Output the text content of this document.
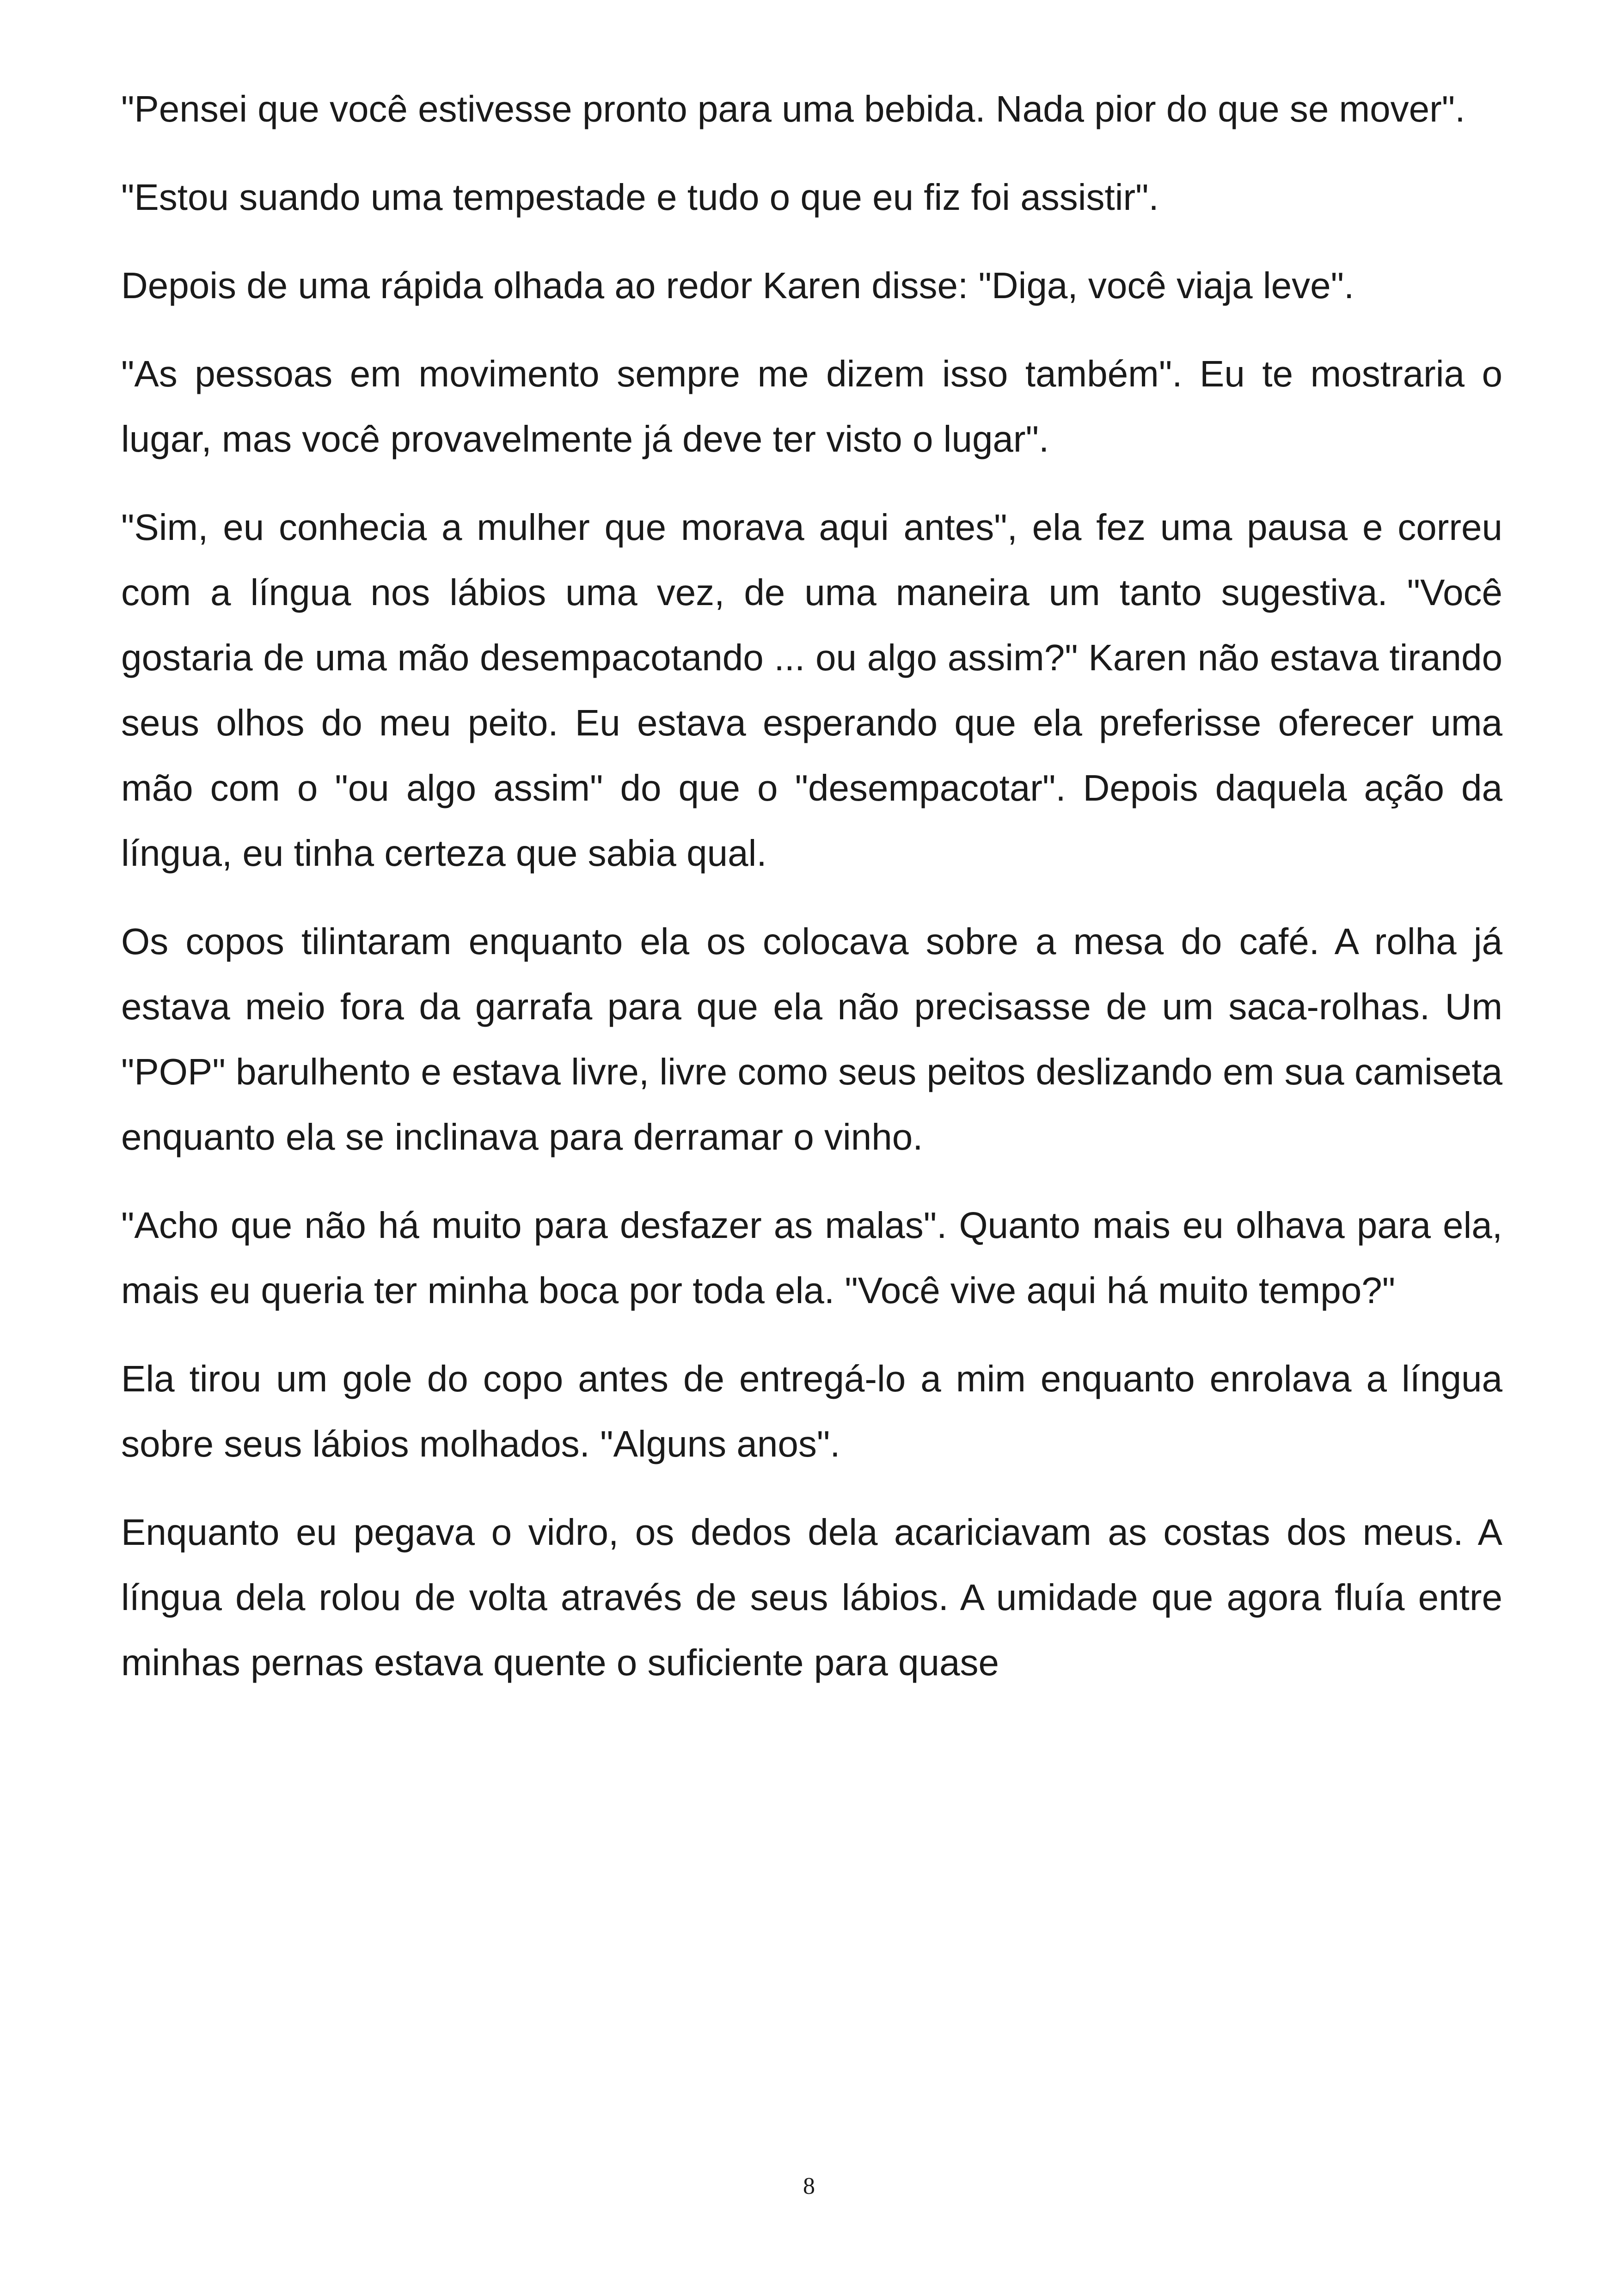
"Pensei que você estivesse pronto para uma bebida. Nada pior do que se mover".

"Estou suando uma tempestade e tudo o que eu fiz foi assistir".

Depois de uma rápida olhada ao redor Karen disse: "Diga, você viaja leve".

"As pessoas em movimento sempre me dizem isso também". Eu te mostraria o lugar, mas você provavelmente já deve ter visto o lugar".

"Sim, eu conhecia a mulher que morava aqui antes", ela fez uma pausa e correu com a língua nos lábios uma vez, de uma maneira um tanto sugestiva. "Você gostaria de uma mão desempacotando ... ou algo assim?" Karen não estava tirando seus olhos do meu peito. Eu estava esperando que ela preferisse oferecer uma mão com o "ou algo assim" do que o "desempacotar". Depois daquela ação da língua, eu tinha certeza que sabia qual.

Os copos tilintaram enquanto ela os colocava sobre a mesa do café. A rolha já estava meio fora da garrafa para que ela não precisasse de um saca-rolhas. Um "POP" barulhento e estava livre, livre como seus peitos deslizando em sua camiseta enquanto ela se inclinava para derramar o vinho.

"Acho que não há muito para desfazer as malas". Quanto mais eu olhava para ela, mais eu queria ter minha boca por toda ela. "Você vive aqui há muito tempo?"

Ela tirou um gole do copo antes de entregá-lo a mim enquanto enrolava a língua sobre seus lábios molhados. "Alguns anos".

Enquanto eu pegava o vidro, os dedos dela acariciavam as costas dos meus. A língua dela rolou de volta através de seus lábios. A umidade que agora fluía entre minhas pernas estava quente o suficiente para quase

8
